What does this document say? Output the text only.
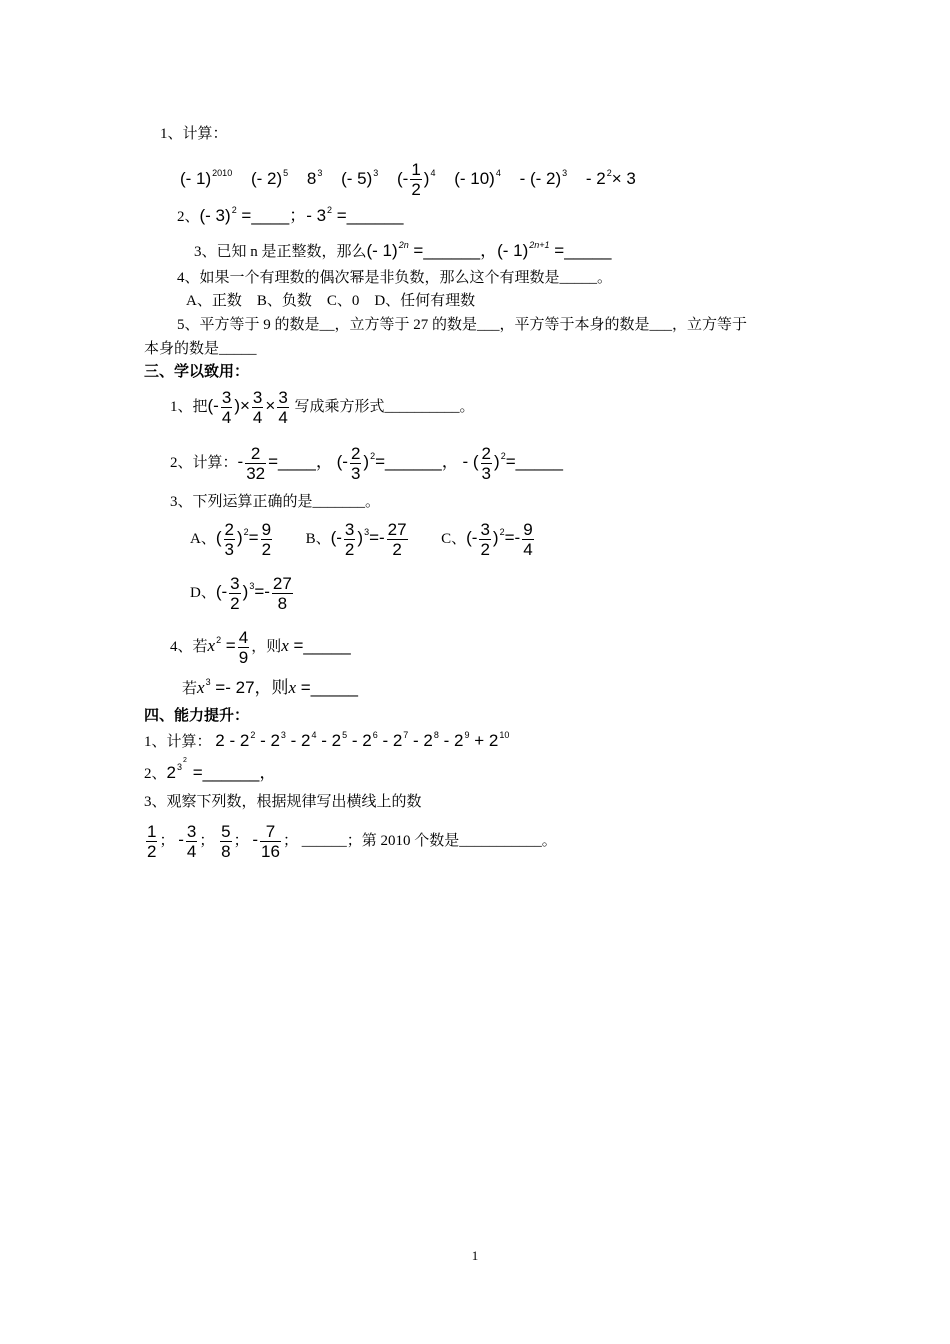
1、计算：
(- 1)$^{2010}$ (- 2)$^5$ $8^3$ (- 5)$^3$ (- $\frac{1}{2} )^4$ (- 10)$^4$ - (- $2)^3 - 2^2\times 3$
2、(- 3)$^2$ =____；- $3^2$ =______
3、已知 n 是正整数，那么(- 1)$^{2n}$ =______，(- 1)$^{2n+1}$ =_____
4、如果一个有理数的偶次幂是非负数，那么这个有理数是_____。
A、正数　B、负数　C、0　D、任何有理数
5、平方等于 9 的数是__，立方等于 27 的数是___，平方等于本身的数是___，立方等于
本身的数是_____
三、学以致用：
1、把(- $\frac{3}{4}$ )× $\frac{3}{4} \times \frac{3}{4}$ 写成乘方形式__________。
2、计算：- $\frac{2}{32}$ =____， (- $\frac{2}{3}$ )$^2$=______， - ( $\frac{2}{3}$ )$^2$=_____
3、下列运算正确的是_______。
A、( $\frac{2}{3} )^2= \frac{9}{2}$ B、(- $\frac{3}{2} )^3=- \frac{27}{2}$ C、(- $\frac{3}{2} )^2=- \frac{9}{4}$
D、(- $\frac{3}{2} )^3=- \frac{27}{8}$
4、若$x^2 = \frac{4}{9}$ ，则x =_____
若$x^3 =- 27$，则x =_____
四、能力提升：
1、计算： $2 - 2^2 - 2^3 - 2^4 - 2^5 - 2^6 - 2^7 - 2^8 - 2^9 + 2^{10}$
2、$2^3$
2
=______，
3、观察下列数，根据规律写出横线上的数
$\frac{1}{2}$ ； - $\frac{3}{4}$ ； $\frac{5}{8}$ ； - $\frac{7}{16}$ ； ______；第 2010 个数是___________。
1
